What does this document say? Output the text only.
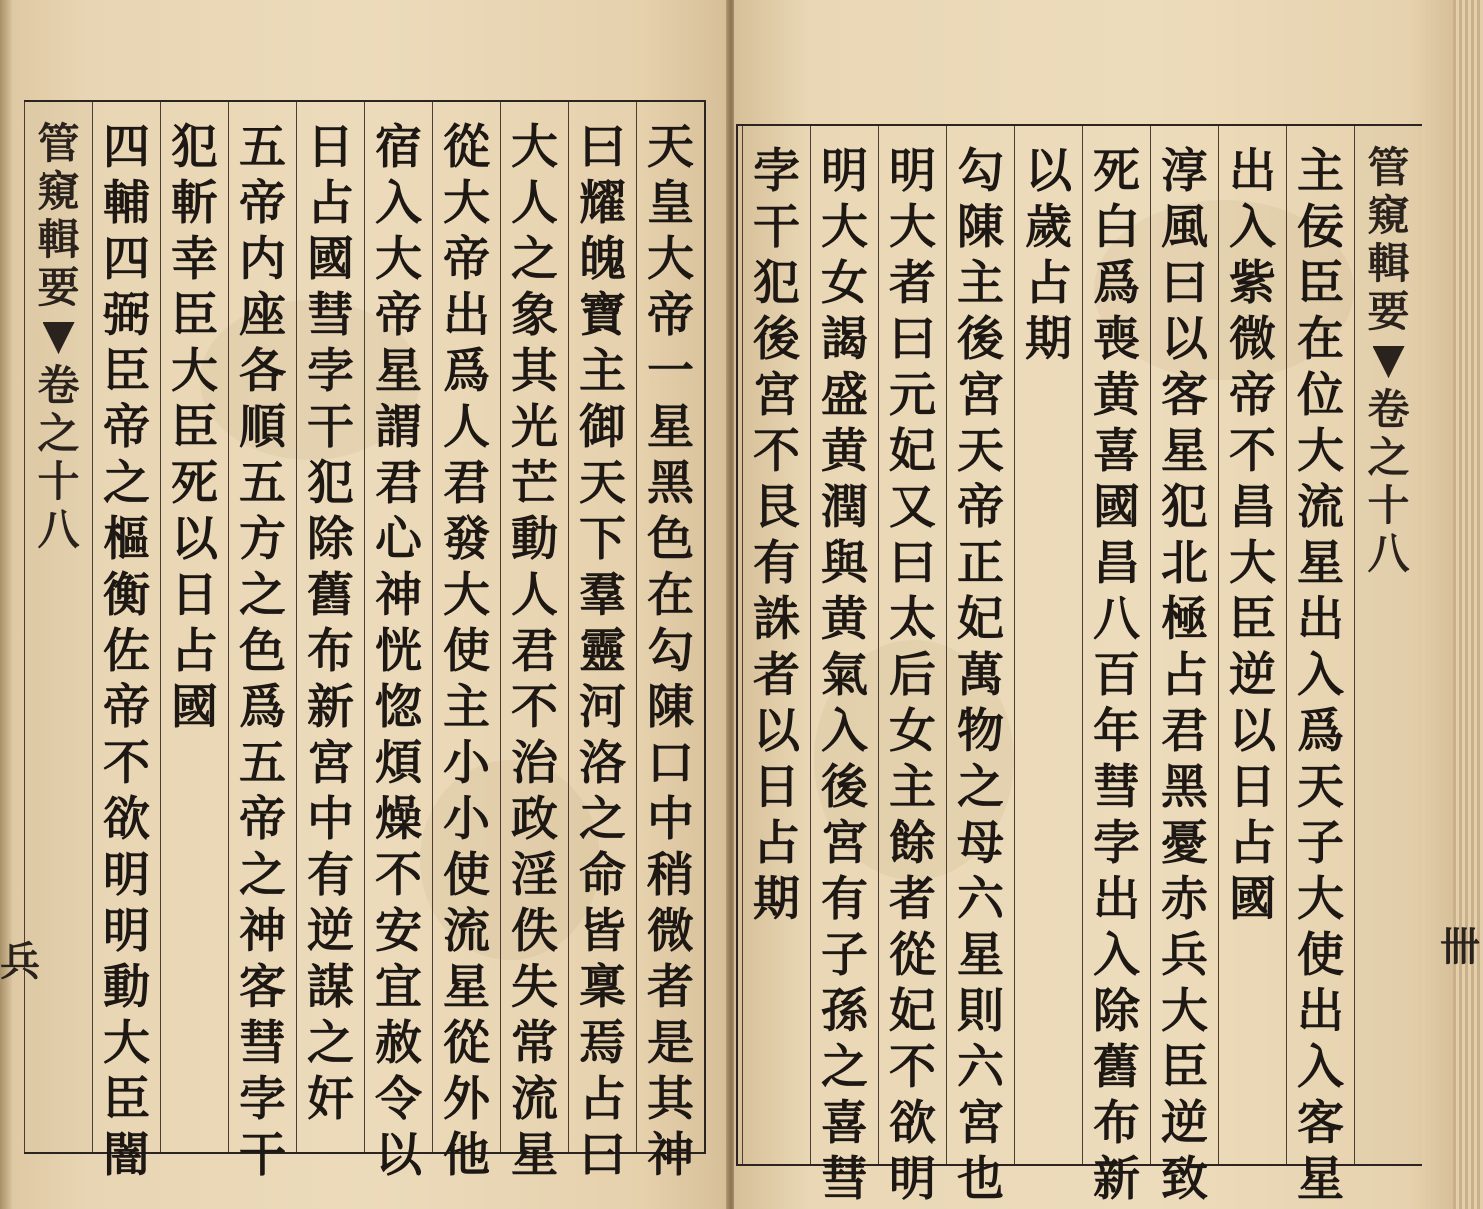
天
皇
大
帝
一
星
黑
色
在
勾
陳
口
中
稍
微
者
是
其
神
曰
耀
魄
寶
主
御
天
下
羣
靈
河
洛
之
命
皆
稟
焉
占
曰
大
人
之
象
其
光
芒
動
人
君
不
治
政
淫
佚
失
常
流
星
從
大
帝
出
爲
人
君
發
大
使
主
小
小
使
流
星
從
外
他
宿
入
大
帝
星
謂
君
心
神
恍
惚
煩
燥
不
安
宜
赦
令
以
日
占
國
彗
孛
干
犯
除
舊
布
新
宮
中
有
逆
謀
之
奸
五
帝
内
座
各
順
五
方
之
色
爲
五
帝
之
神
客
彗
孛
干
犯
斬
幸
臣
大
臣
死
以
日
占
國
四
輔
四
弼
臣
帝
之
樞
衡
佐
帝
不
欲
明
明
動
大
臣
闇
管
窺
輯
要
卷
之
十
八
兵
管
窺
輯
要
卷
之
十
八
主
佞
臣
在
位
大
流
星
出
入
爲
天
子
大
使
出
入
客
星
出
入
紫
微
帝
不
昌
大
臣
逆
以
日
占
國
淳
風
曰
以
客
星
犯
北
極
占
君
黑
憂
赤
兵
大
臣
逆
致
死
白
爲
喪
黄
喜
國
昌
八
百
年
彗
孛
出
入
除
舊
布
新
以
歲
占
期
勾
陳
主
後
宮
天
帝
正
妃
萬
物
之
母
六
星
則
六
宮
也
明
大
者
曰
元
妃
又
曰
太
后
女
主
餘
者
從
妃
不
欲
明
明
大
女
謁
盛
黄
潤
與
黄
氣
入
後
宮
有
子
孫
之
喜
彗
孛
干
犯
後
宮
不
艮
有
誅
者
以
日
占
期
卌
